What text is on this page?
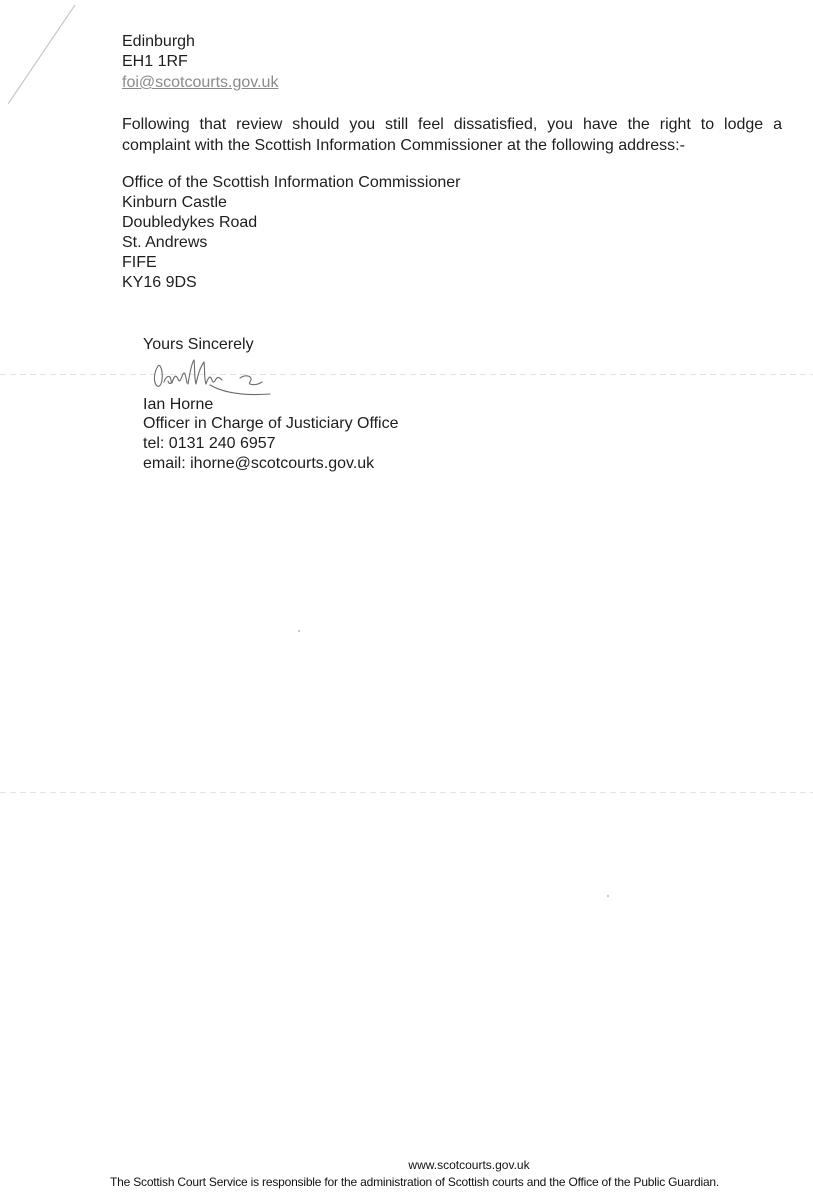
Edinburgh

EH1 1RF

foi@scotcourts.gov.uk

Following that review should you still feel dissatisfied, you have the right to lodge a
complaint with the Scottish Information Commissioner at the following address:-

Office of the Scottish Information Commissioner

Kinburn Castle

Doubledykes Road

St. Andrews

FIFE

KY16 9DS

Yours Sincerely

Ian Horne

Officer in Charge of Justiciary Office

tel: 0131 240 6957

email: ihorne@scotcourts.gov.uk

www.scotcourts.gov.uk
The Scottish Court Service is responsible for the administration of Scottish courts and the Office of the Public Guardian.
